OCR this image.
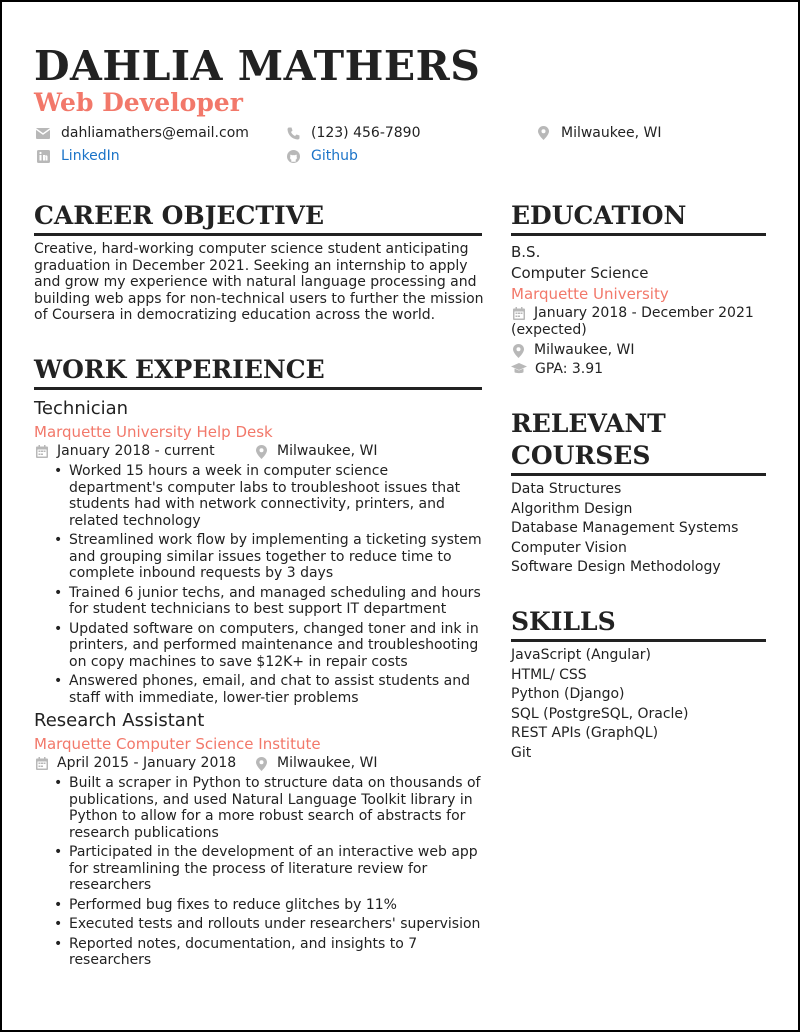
DAHLIA MATHERS
Web Developer
dahliamathers@email.com	(123) 456-7890	Milwaukee, WI
LinkedIn	Github
CAREER OBJECTIVE
Creative, hard-working computer science student anticipating graduation in December 2021. Seeking an internship to apply and grow my experience with natural language processing and building web apps for non-technical users to further the mission of Coursera in democratizing education across the world.
WORK EXPERIENCE
Technician
Marquette University Help Desk
January 2018 - current	Milwaukee, WI
• Worked 15 hours a week in computer science department's computer labs to troubleshoot issues that students had with network connectivity, printers, and related technology
• Streamlined work flow by implementing a ticketing system and grouping similar issues together to reduce time to complete inbound requests by 3 days
• Trained 6 junior techs, and managed scheduling and hours for student technicians to best support IT department
• Updated software on computers, changed toner and ink in printers, and performed maintenance and troubleshooting on copy machines to save $12K+ in repair costs
• Answered phones, email, and chat to assist students and staff with immediate, lower-tier problems
Research Assistant
Marquette Computer Science Institute
April 2015 - January 2018	Milwaukee, WI
• Built a scraper in Python to structure data on thousands of publications, and used Natural Language Toolkit library in Python to allow for a more robust search of abstracts for research publications
• Participated in the development of an interactive web app for streamlining the process of literature review for researchers
• Performed bug fixes to reduce glitches by 11%
• Executed tests and rollouts under researchers' supervision
• Reported notes, documentation, and insights to 7 researchers
EDUCATION
B.S.
Computer Science
Marquette University
January 2018 - December 2021
(expected)
Milwaukee, WI
GPA: 3.91
RELEVANT
COURSES
Data Structures
Algorithm Design
Database Management Systems
Computer Vision
Software Design Methodology
SKILLS
JavaScript (Angular)
HTML/ CSS
Python (Django)
SQL (PostgreSQL, Oracle)
REST APIs (GraphQL)
Git
